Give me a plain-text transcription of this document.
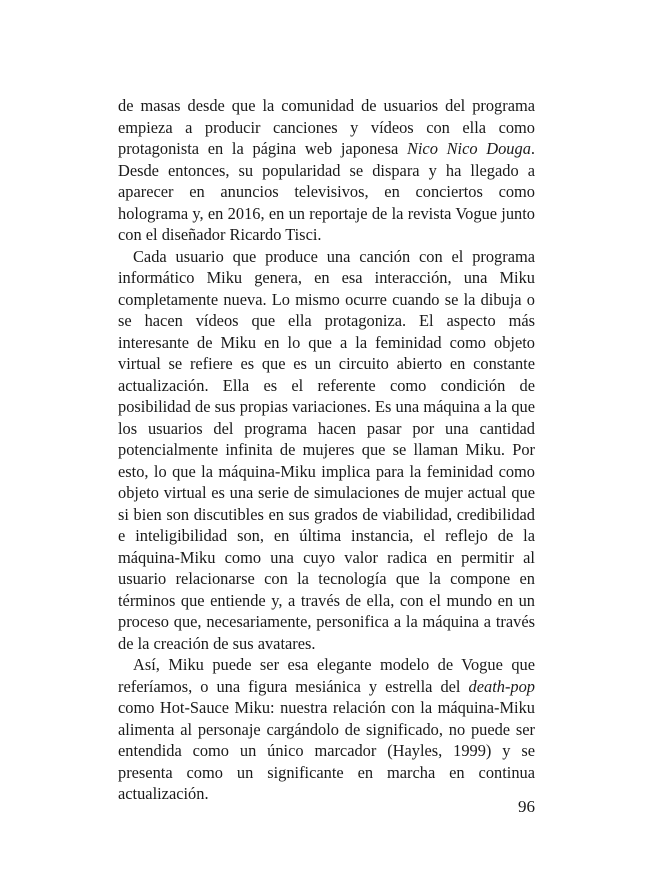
de masas desde que la comunidad de usuarios del programa empieza a producir canciones y vídeos con ella como protagonista en la página web japonesa Nico Nico Douga. Desde entonces, su popularidad se dispara y ha llegado a aparecer en anuncios televisivos, en conciertos como holograma y, en 2016, en un reportaje de la revista Vogue junto con el diseñador Ricardo Tisci.

Cada usuario que produce una canción con el programa informático Miku genera, en esa interacción, una Miku completamente nueva. Lo mismo ocurre cuando se la dibuja o se hacen vídeos que ella protagoniza. El aspecto más interesante de Miku en lo que a la feminidad como objeto virtual se refiere es que es un circuito abierto en constante actualización. Ella es el referente como condición de posibilidad de sus propias variaciones. Es una máquina a la que los usuarios del programa hacen pasar por una cantidad potencialmente infinita de mujeres que se llaman Miku. Por esto, lo que la máquina-Miku implica para la feminidad como objeto virtual es una serie de simulaciones de mujer actual que si bien son discutibles en sus grados de viabilidad, credibilidad e inteligibilidad son, en última instancia, el reflejo de la máquina-Miku como una cuyo valor radica en permitir al usuario relacionarse con la tecnología que la compone en términos que entiende y, a través de ella, con el mundo en un proceso que, necesariamente, personifica a la máquina a través de la creación de sus avatares.

Así, Miku puede ser esa elegante modelo de Vogue que referíamos, o una figura mesiánica y estrella del death-pop como Hot-Sauce Miku: nuestra relación con la máquina-Miku alimenta al personaje cargándolo de significado, no puede ser entendida como un único marcador (Hayles, 1999) y se presenta como un significante en marcha en continua actualización.

96
